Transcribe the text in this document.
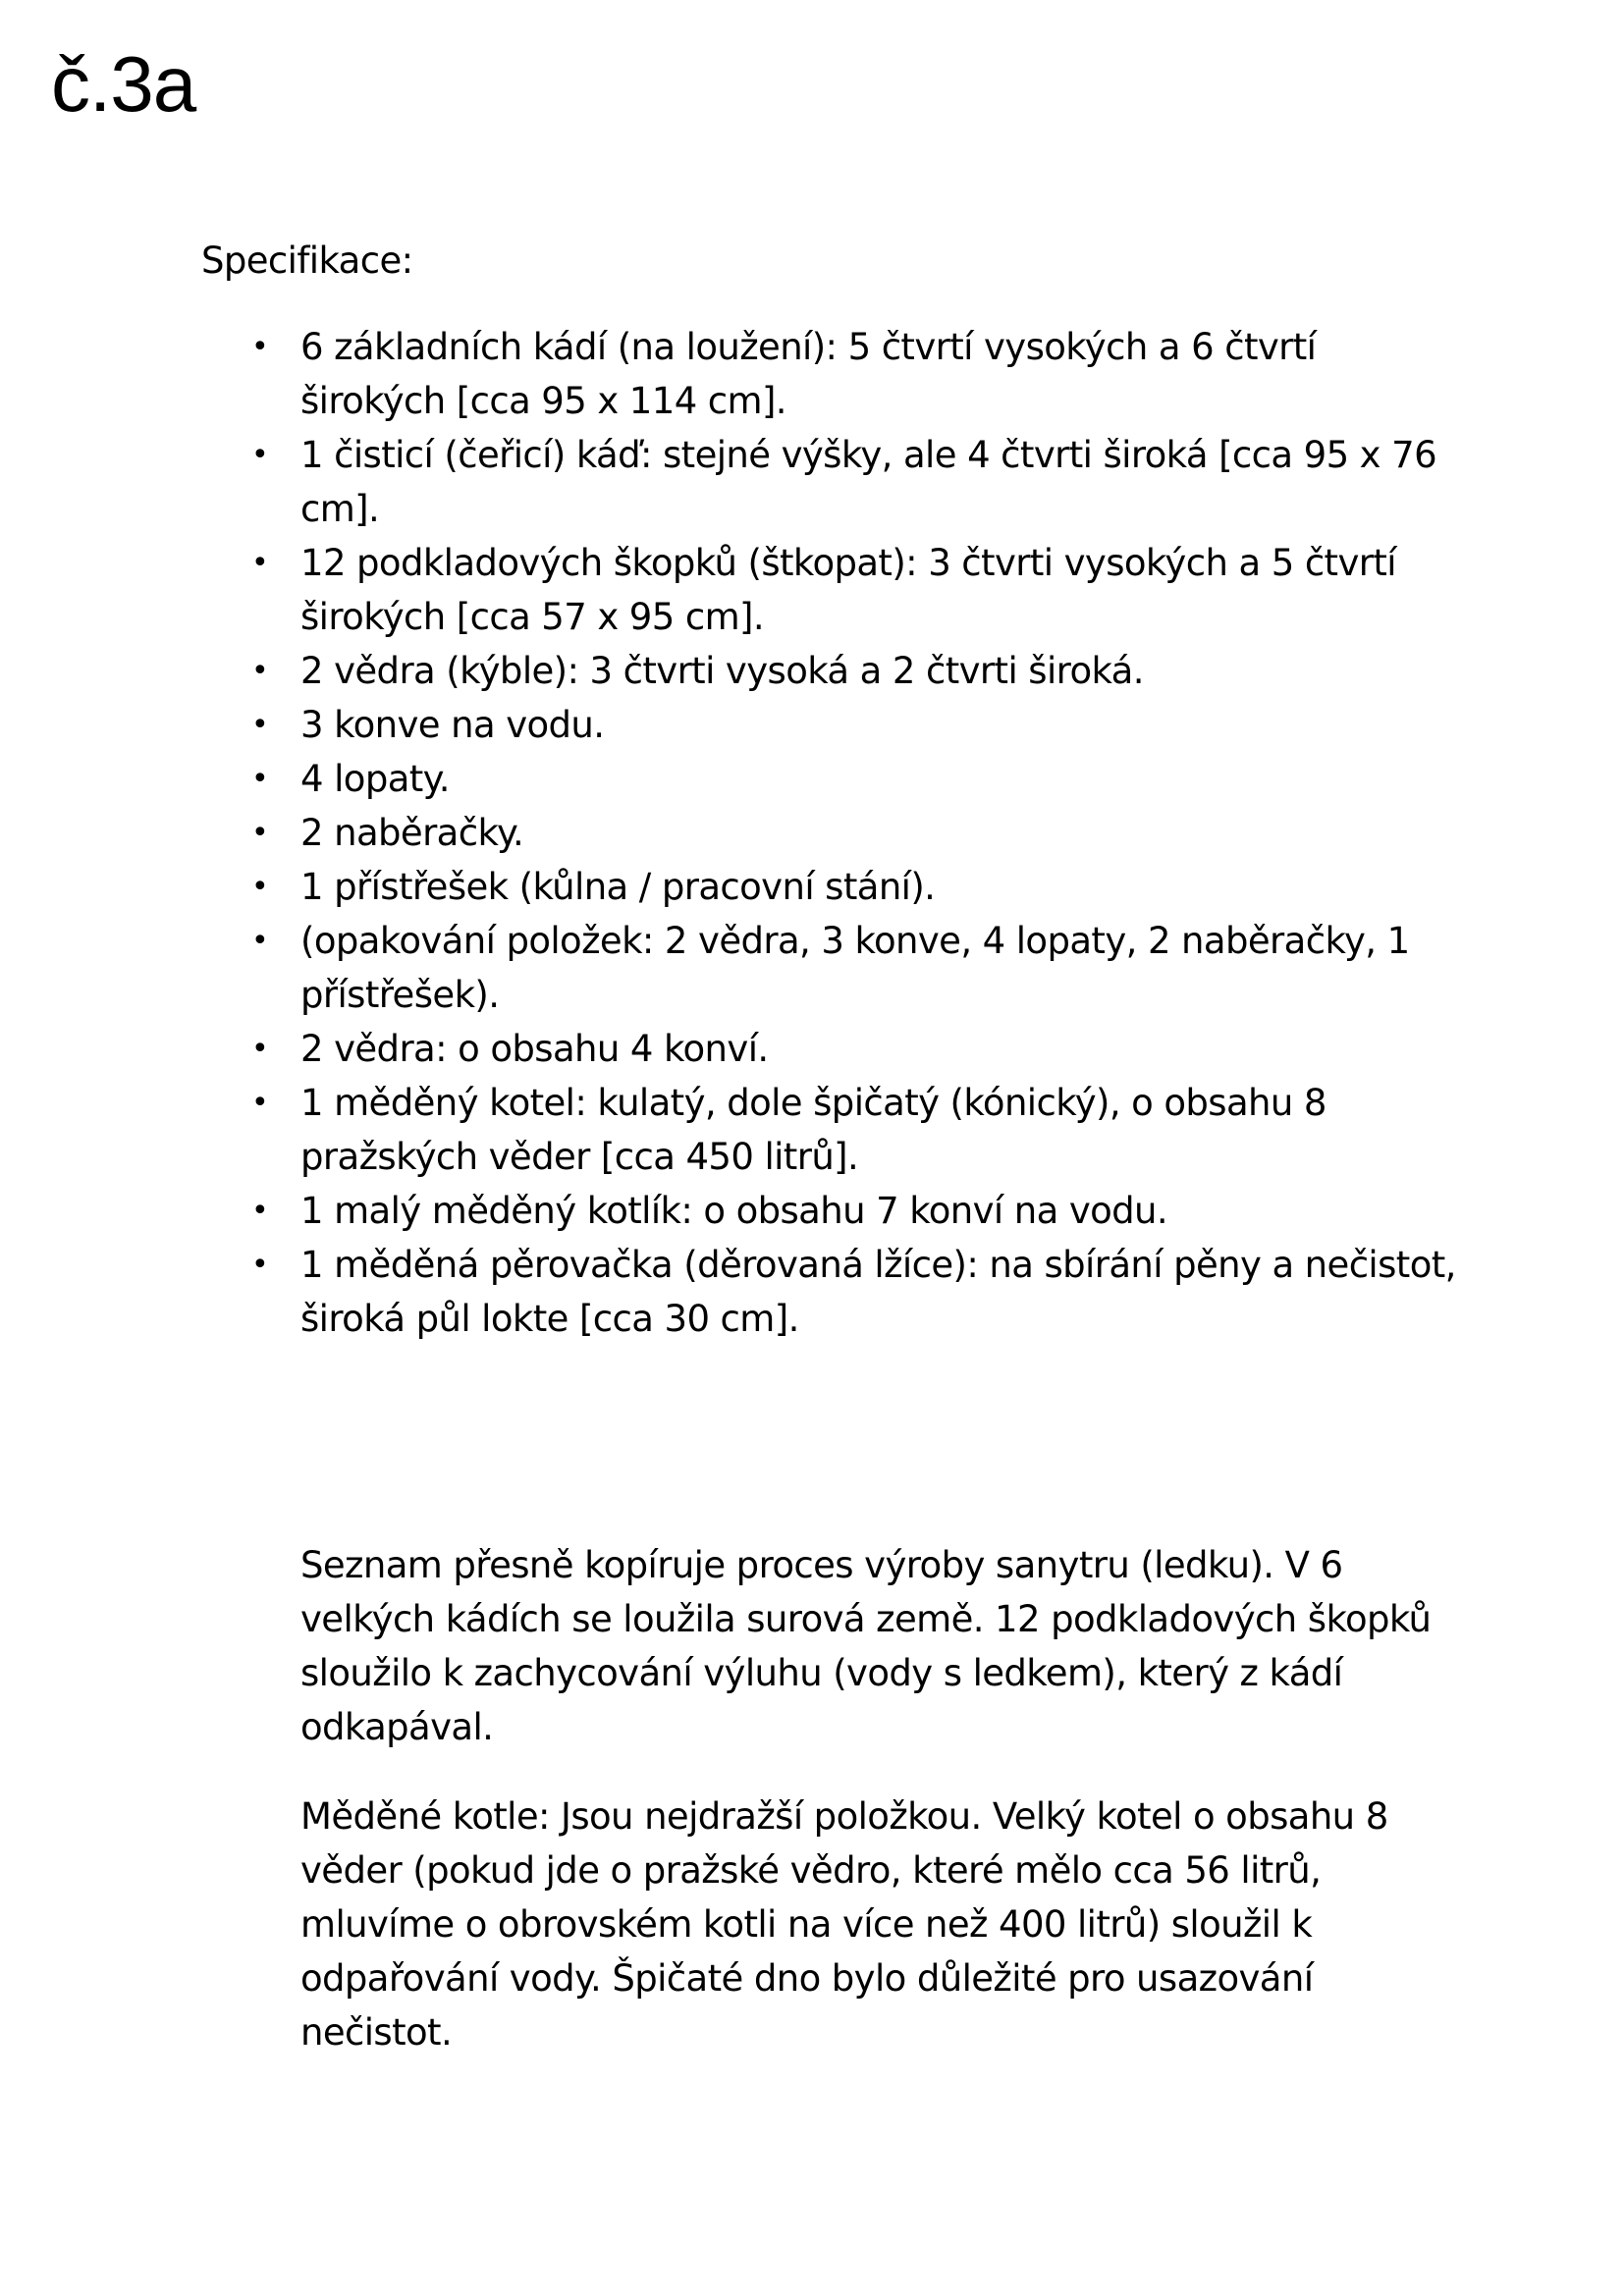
č.3a

Specifikace:

• 6 základních kádí (na loužení): 5 čtvrtí vysokých a 6 čtvrtí širokých [cca 95 x 114 cm].
• 1 čisticí (čeřicí) káď: stejné výšky, ale 4 čtvrti široká [cca 95 x 76 cm].
• 12 podkladových škopků (štkopat): 3 čtvrti vysokých a 5 čtvrtí širokých [cca 57 x 95 cm].
• 2 vědra (kýble): 3 čtvrti vysoká a 2 čtvrti široká.
• 3 konve na vodu.
• 4 lopaty.
• 2 naběračky.
• 1 přístřešek (kůlna / pracovní stání).
• (opakování položek: 2 vědra, 3 konve, 4 lopaty, 2 naběračky, 1 přístřešek).
• 2 vědra: o obsahu 4 konví.
• 1 měděný kotel: kulatý, dole špičatý (kónický), o obsahu 8 pražských věder [cca 450 litrů].
• 1 malý měděný kotlík: o obsahu 7 konví na vodu.
• 1 měděná pěrovačka (děrovaná lžíce): na sbírání pěny a nečistot, široká půl lokte [cca 30 cm].

Seznam přesně kopíruje proces výroby sanytru (ledku). V 6 velkých kádích se loužila surová země. 12 podkladových škopků sloužilo k zachycování výluhu (vody s ledkem), který z kádí odkapával.

Měděné kotle: Jsou nejdražší položkou. Velký kotel o obsahu 8 věder (pokud jde o pražské vědro, které mělo cca 56 litrů, mluvíme o obrovském kotli na více než 400 litrů) sloužil k odpařování vody. Špičaté dno bylo důležité pro usazování nečistot.
